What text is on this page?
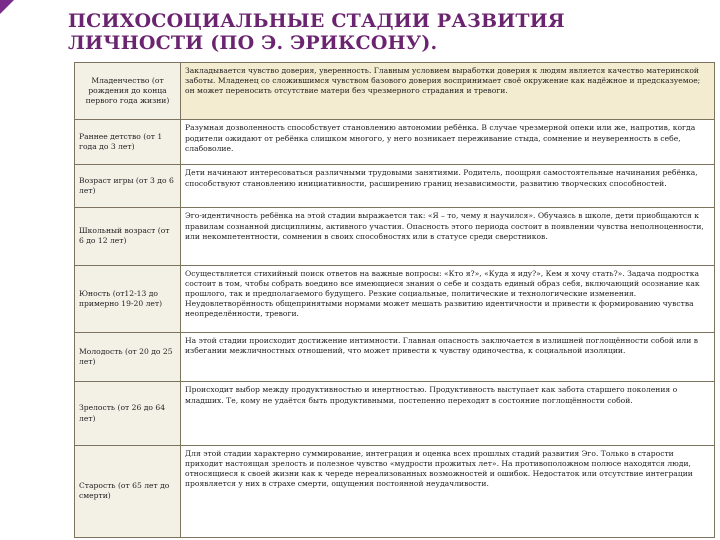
ПСИХОСОЦИАЛЬНЫЕ СТАДИИ РАЗВИТИЯ ЛИЧНОСТИ (ПО Э. ЭРИКСОНУ).
Младенчество (от рождения до конца первого года жизни)	Закладывается чувство доверия, уверенность. Главным условием выработки доверия к людям является качество материнской заботы. Младенец со сложившимся чувством базового доверия воспринимает своё окружение как надёжное и предсказуемое; он может переносить отсутствие матери без чрезмерного страдания и тревоги.
Раннее детство (от 1 года до 3 лет)	Разумная дозволенность способствует становлению автономии ребёнка. В случае чрезмерной опеки или же, напротив, когда родители ожидают от ребёнка слишком многого, у него возникает переживание стыда, сомнение и неуверенность в себе, слабоволие.
Возраст игры (от 3 до 6 лет)	Дети начинают интересоваться различными трудовыми занятиями. Родитель, поощряя самостоятельные начинания ребёнка, способствуют становлению инициативности, расширению границ независимости, развитию творческих способностей.
Школьный возраст (от 6 до 12 лет)	Эго-идентичность ребёнка на этой стадии выражается так: «Я – то, чему я научился». Обучаясь в школе, дети приобщаются к правилам сознанной дисциплины, активного участия. Опасность этого периода состоит в появлении чувства неполноценности, или некомпетентности, сомнения в своих способностях или в статусе среди сверстников.
Юность (от12-13 до примерно 19-20 лет)	Осуществляется стихийный поиск ответов на важные вопросы: «Кто я?», «Куда я иду?», Кем я хочу стать?». Задача подростка состоит в том, чтобы собрать воедино все имеющиеся знания о себе и создать единый образ себя, включающий осознание как прошлого, так и предполагаемого будущего. Резкие социальные, политические и технологические изменения. Неудовлетворённость общепринятыми нормами может мешать развитию идентичности и привести к формированию чувства неопределённости, тревоги.
Молодость (от 20 до 25 лет)	На этой стадии происходит достижение интимности. Главная опасность заключается в излишней поглощённости собой или в избегании межличностных отношений, что может привести к чувству одиночества, к социальной изоляции.
Зрелость (от 26 до 64 лет)	Происходит выбор между продуктивностью и инертностью. Продуктивность выступает как забота старшего поколения о младших. Те, кому не удаётся быть продуктивными, постепенно переходят в состояние поглощённости собой.
Старость (от 65 лет до смерти)	Для этой стадии характерно суммирование, интеграция и оценка всех прошлых стадий развития Эго. Только в старости приходит настоящая зрелость и полезное чувство «мудрости прожитых лет». На противоположном полюсе находятся люди, относящиеся к своей жизни как к череде нереализованных возможностей и ошибок. Недостаток или отсутствие интеграции проявляется у них в страхе смерти, ощущения постоянной неудачливости.
